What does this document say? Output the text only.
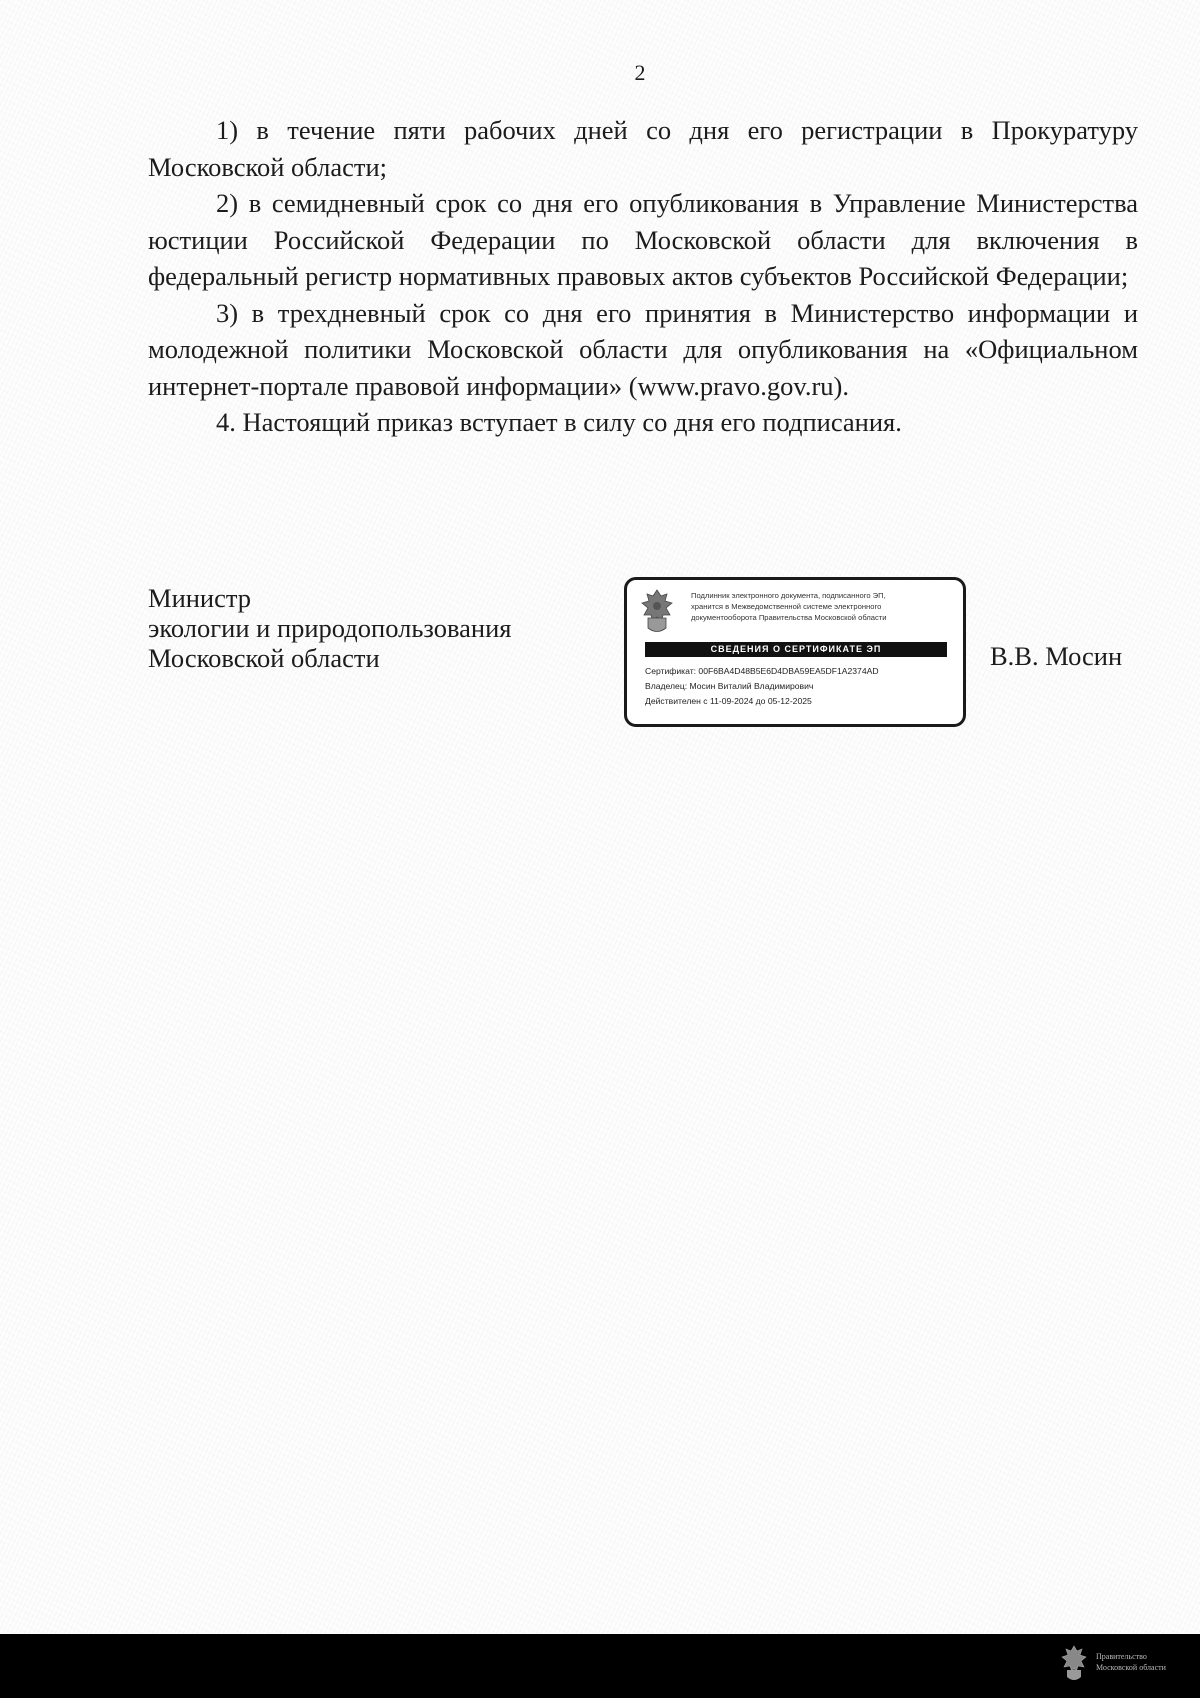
2

1) в течение пяти рабочих дней со дня его регистрации в Прокуратуру Московской области;

2) в семидневный срок со дня его опубликования в Управление Министерства юстиции Российской Федерации по Московской области для включения в федеральный регистр нормативных правовых актов субъектов Российской Федерации;

3) в трехдневный срок со дня его принятия в Министерство информации и молодежной политики Московской области для опубликования на «Официальном интернет-портале правовой информации» (www.pravo.gov.ru).

4. Настоящий приказ вступает в силу со дня его подписания.

Министр
экологии и природопользования
Московской области
Подлинник электронного документа, подписанного ЭП,
хранится в Межведомственной системе электронного
документооборота Правительства Московской области
СВЕДЕНИЯ О СЕРТИФИКАТЕ ЭП
Сертификат: 00F6BA4D48B5E6D4DBA59EA5DF1A2374AD
Владелец: Мосин Виталий Владимирович
Действителен с 11-09-2024 до 05-12-2025
В.В. Мосин
Правительство
Московской области
